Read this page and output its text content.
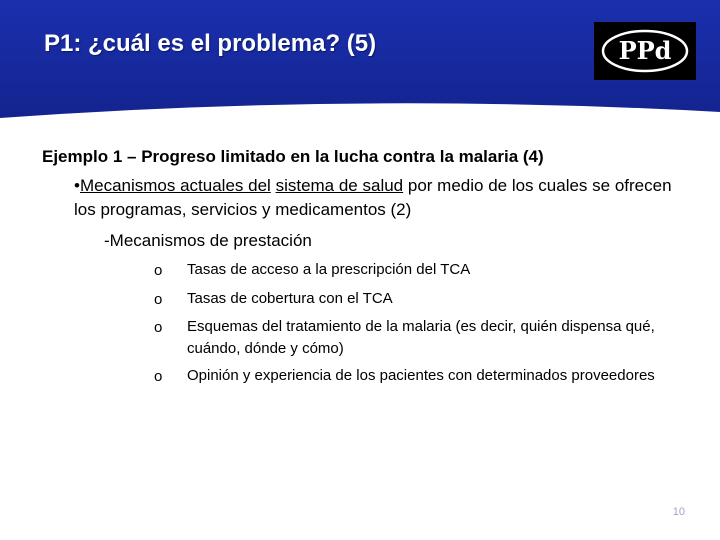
P1: ¿cuál es el problema? (5)	PPd

Ejemplo 1 – Progreso limitado en la lucha contra la malaria (4)

•Mecanismos actuales del sistema de salud por medio de los cuales se ofrecen los programas, servicios y medicamentos (2)

-Mecanismos de prestación

o Tasas de acceso a la prescripción del TCA
o Tasas de cobertura con el TCA
o Esquemas del tratamiento de la malaria (es decir, quién dispensa qué, cuándo, dónde y cómo)
o Opinión y experiencia de los pacientes con determinados proveedores
10
